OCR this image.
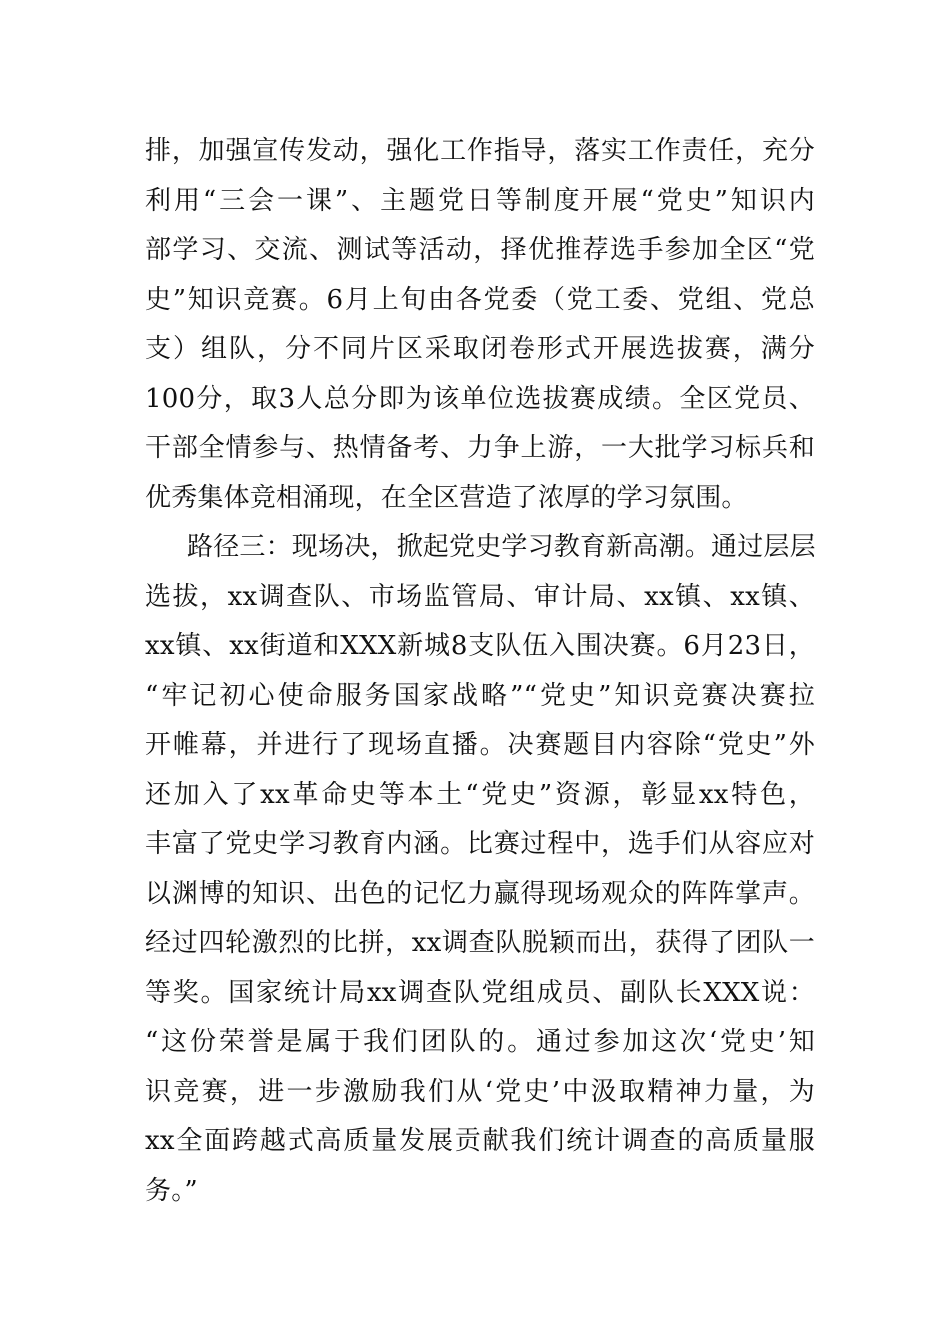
排，加强宣传发动，强化工作指导，落实工作责任，充分
利用“三会一课”、主题党日等制度开展“党史”知识内
部学习、交流、测试等活动，择优推荐选手参加全区“党
史”知识竞赛。6月上旬由各党委（党工委、党组、党总
支）组队，分不同片区采取闭卷形式开展选拔赛，满分
100分，取3人总分即为该单位选拔赛成绩。全区党员、
干部全情参与、热情备考、力争上游，一大批学习标兵和
优秀集体竞相涌现，在全区营造了浓厚的学习氛围。
路径三：现场决，掀起党史学习教育新高潮。通过层层
选拔，xx调查队、市场监管局、审计局、xx镇、xx镇、
xx镇、xx街道和XXX新城8支队伍入围决赛。6月23日，
“牢记初心使命服务国家战略”“党史”知识竞赛决赛拉
开帷幕，并进行了现场直播。决赛题目内容除“党史”外
还加入了xx革命史等本土“党史”资源，彰显xx特色，
丰富了党史学习教育内涵。比赛过程中，选手们从容应对
以渊博的知识、出色的记忆力赢得现场观众的阵阵掌声。
经过四轮激烈的比拼，xx调查队脱颖而出，获得了团队一
等奖。国家统计局xx调查队党组成员、副队长XXX说：
“这份荣誉是属于我们团队的。通过参加这次‘党史’知
识竞赛，进一步激励我们从‘党史’中汲取精神力量，为
xx全面跨越式高质量发展贡献我们统计调查的高质量服
务。”
